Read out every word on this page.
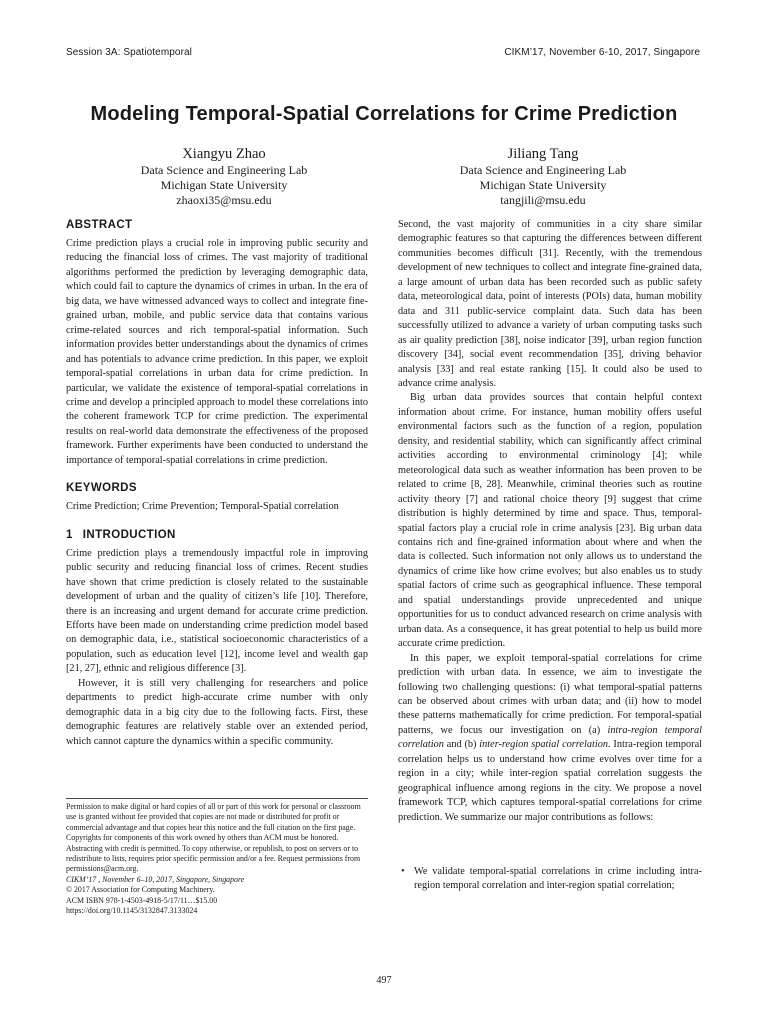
Session 3A: Spatiotemporal	CIKM’17, November 6-10, 2017, Singapore
Modeling Temporal-Spatial Correlations for Crime Prediction
Xiangyu Zhao
Data Science and Engineering Lab
Michigan State University
zhaoxi35@msu.edu
Jiliang Tang
Data Science and Engineering Lab
Michigan State University
tangjili@msu.edu
ABSTRACT

Crime prediction plays a crucial role in improving public security and reducing the financial loss of crimes. The vast majority of traditional algorithms performed the prediction by leveraging demographic data, which could fail to capture the dynamics of crimes in urban. In the era of big data, we have witnessed advanced ways to collect and integrate fine-grained urban, mobile, and public service data that contains various crime-related sources and rich temporal-spatial information. Such information provides better understandings about the dynamics of crimes and has potentials to advance crime prediction. In this paper, we exploit temporal-spatial correlations in urban data for crime prediction. In particular, we validate the existence of temporal-spatial correlations in crime and develop a principled approach to model these correlations into the coherent framework TCP for crime prediction. The experimental results on real-world data demonstrate the effectiveness of the proposed framework. Further experiments have been conducted to understand the importance of temporal-spatial correlations in crime prediction.

KEYWORDS

Crime Prediction; Crime Prevention; Temporal-Spatial correlation

1 INTRODUCTION

Crime prediction plays a tremendously impactful role in improving public security and reducing financial loss of crimes. Recent studies have shown that crime prediction is closely related to the sustainable development of urban and the quality of citizen’s life [10]. Therefore, there is an increasing and urgent demand for accurate crime prediction. Efforts have been made on understanding crime prediction model based on demographic data, i.e., statistical socioeconomic characteristics of a population, such as education level [12], income level and wealth gap [21, 27], ethnic and religious difference [3].

However, it is still very challenging for researchers and police departments to predict high-accurate crime number with only demographic data in a big city due to the following facts. First, these demographic features are relatively stable over an extended period, which cannot capture the dynamics within a specific community.

Permission to make digital or hard copies of all or part of this work for personal or classroom use is granted without fee provided that copies are not made or distributed for profit or commercial advantage and that copies bear this notice and the full citation on the first page. Copyrights for components of this work owned by others than ACM must be honored. Abstracting with credit is permitted. To copy otherwise, or republish, to post on servers or to redistribute to lists, requires prior specific permission and/or a fee. Request permissions from permissions@acm.org.

CIKM’17 , November 6–10, 2017, Singapore, Singapore

© 2017 Association for Computing Machinery.

ACM ISBN 978-1-4503-4918-5/17/11…$15.00

https://doi.org/10.1145/3132847.3133024

Second, the vast majority of communities in a city share similar demographic features so that capturing the differences between different communities becomes difficult [31]. Recently, with the tremendous development of new techniques to collect and integrate fine-grained data, a large amount of urban data has been recorded such as public safety data, meteorological data, point of interests (POIs) data, human mobility data and 311 public-service complaint data. Such data has been successfully utilized to advance a variety of urban computing tasks such as air quality prediction [38], noise indicator [39], urban region function discovery [34], social event recommendation [35], driving behavior analysis [33] and real estate ranking [15]. It could also be used to advance crime analysis.

Big urban data provides sources that contain helpful context information about crime. For instance, human mobility offers useful environmental factors such as the function of a region, population density, and residential stability, which can significantly affect criminal activities according to environmental criminology [4]; while meteorological data such as weather information has been proven to be related to crime [8, 28]. Meanwhile, criminal theories such as routine activity theory [7] and rational choice theory [9] suggest that crime distribution is highly determined by time and space. Thus, temporal-spatial factors play a crucial role in crime analysis [23]. Big urban data contains rich and fine-grained information about where and when the data is collected. Such information not only allows us to understand the dynamics of crime like how crime evolves; but also enables us to study spatial factors of crime such as geographical influence. These temporal and spatial understandings provide unprecedented and unique opportunities for us to conduct advanced research on crime analysis with urban data. As a consequence, it has great potential to help us build more accurate crime prediction.

In this paper, we exploit temporal-spatial correlations for crime prediction with urban data. In essence, we aim to investigate the following two challenging questions: (i) what temporal-spatial patterns can be observed about crimes with urban data; and (ii) how to model these patterns mathematically for crime prediction. For temporal-spatial patterns, we focus our investigation on (a) intra-region temporal correlation and (b) inter-region spatial correlation. Intra-region temporal correlation helps us to understand how crime evolves over time for a region in a city; while inter-region spatial correlation suggests the geographical influence among regions in the city. We propose a novel framework TCP, which captures temporal-spatial correlations for crime prediction. We summarize our major contributions as follows:

• We validate temporal-spatial correlations in crime including intra-region temporal correlation and inter-region spatial correlation;
497
